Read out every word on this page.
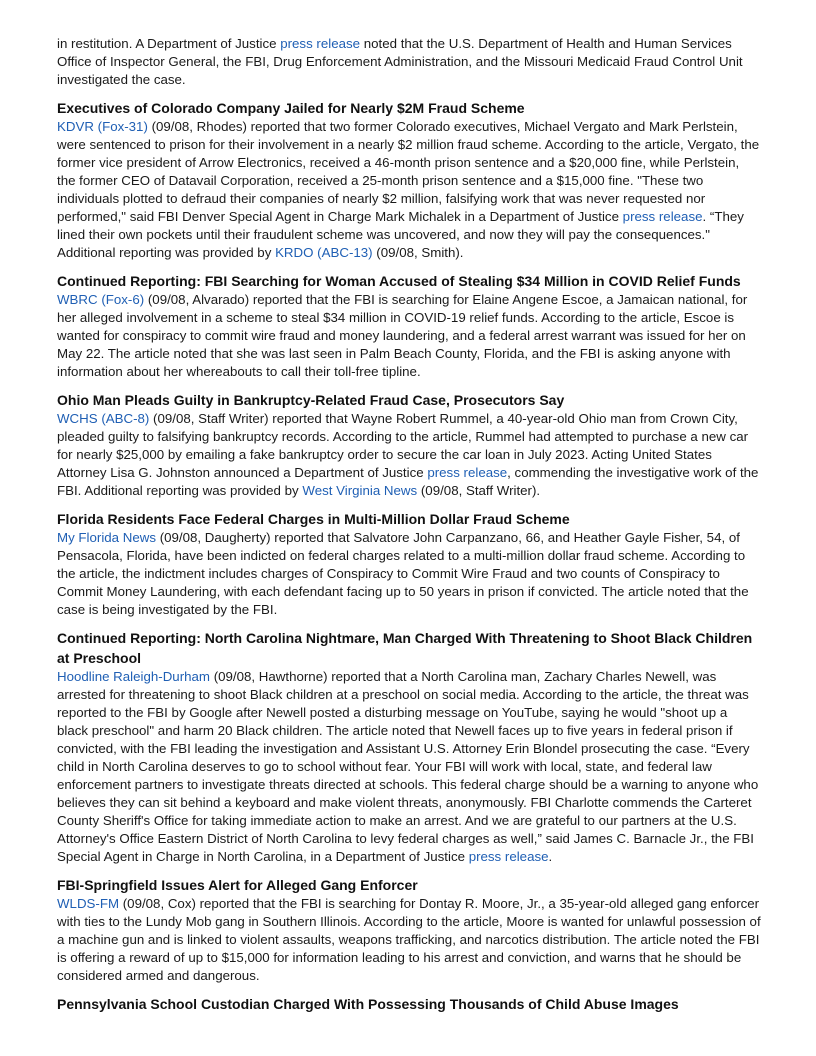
in restitution. A Department of Justice press release noted that the U.S. Department of Health and Human Services Office of Inspector General, the FBI, Drug Enforcement Administration, and the Missouri Medicaid Fraud Control Unit investigated the case.

Executives of Colorado Company Jailed for Nearly $2M Fraud Scheme

KDVR (Fox-31) (09/08, Rhodes) reported that two former Colorado executives, Michael Vergato and Mark Perlstein, were sentenced to prison for their involvement in a nearly $2 million fraud scheme. According to the article, Vergato, the former vice president of Arrow Electronics, received a 46-month prison sentence and a $20,000 fine, while Perlstein, the former CEO of Datavail Corporation, received a 25-month prison sentence and a $15,000 fine. "These two individuals plotted to defraud their companies of nearly $2 million, falsifying work that was never requested nor performed," said FBI Denver Special Agent in Charge Mark Michalek in a Department of Justice press release. “They lined their own pockets until their fraudulent scheme was uncovered, and now they will pay the consequences." Additional reporting was provided by KRDO (ABC-13) (09/08, Smith).

Continued Reporting: FBI Searching for Woman Accused of Stealing $34 Million in COVID Relief Funds

WBRC (Fox-6) (09/08, Alvarado) reported that the FBI is searching for Elaine Angene Escoe, a Jamaican national, for her alleged involvement in a scheme to steal $34 million in COVID-19 relief funds. According to the article, Escoe is wanted for conspiracy to commit wire fraud and money laundering, and a federal arrest warrant was issued for her on May 22. The article noted that she was last seen in Palm Beach County, Florida, and the FBI is asking anyone with information about her whereabouts to call their toll-free tipline.

Ohio Man Pleads Guilty in Bankruptcy-Related Fraud Case, Prosecutors Say

WCHS (ABC-8) (09/08, Staff Writer) reported that Wayne Robert Rummel, a 40-year-old Ohio man from Crown City, pleaded guilty to falsifying bankruptcy records. According to the article, Rummel had attempted to purchase a new car for nearly $25,000 by emailing a fake bankruptcy order to secure the car loan in July 2023. Acting United States Attorney Lisa G. Johnston announced a Department of Justice press release, commending the investigative work of the FBI. Additional reporting was provided by West Virginia News (09/08, Staff Writer).

Florida Residents Face Federal Charges in Multi-Million Dollar Fraud Scheme

My Florida News (09/08, Daugherty) reported that Salvatore John Carpanzano, 66, and Heather Gayle Fisher, 54, of Pensacola, Florida, have been indicted on federal charges related to a multi-million dollar fraud scheme. According to the article, the indictment includes charges of Conspiracy to Commit Wire Fraud and two counts of Conspiracy to Commit Money Laundering, with each defendant facing up to 50 years in prison if convicted. The article noted that the case is being investigated by the FBI.

Continued Reporting: North Carolina Nightmare, Man Charged With Threatening to Shoot Black Children at Preschool

Hoodline Raleigh-Durham (09/08, Hawthorne) reported that a North Carolina man, Zachary Charles Newell, was arrested for threatening to shoot Black children at a preschool on social media. According to the article, the threat was reported to the FBI by Google after Newell posted a disturbing message on YouTube, saying he would "shoot up a black preschool" and harm 20 Black children. The article noted that Newell faces up to five years in federal prison if convicted, with the FBI leading the investigation and Assistant U.S. Attorney Erin Blondel prosecuting the case. “Every child in North Carolina deserves to go to school without fear. Your FBI will work with local, state, and federal law enforcement partners to investigate threats directed at schools. This federal charge should be a warning to anyone who believes they can sit behind a keyboard and make violent threats, anonymously. FBI Charlotte commends the Carteret County Sheriff's Office for taking immediate action to make an arrest. And we are grateful to our partners at the U.S. Attorney's Office Eastern District of North Carolina to levy federal charges as well,” said James C. Barnacle Jr., the FBI Special Agent in Charge in North Carolina, in a Department of Justice press release.

FBI-Springfield Issues Alert for Alleged Gang Enforcer

WLDS-FM (09/08, Cox) reported that the FBI is searching for Dontay R. Moore, Jr., a 35-year-old alleged gang enforcer with ties to the Lundy Mob gang in Southern Illinois. According to the article, Moore is wanted for unlawful possession of a machine gun and is linked to violent assaults, weapons trafficking, and narcotics distribution. The article noted the FBI is offering a reward of up to $15,000 for information leading to his arrest and conviction, and warns that he should be considered armed and dangerous.

Pennsylvania School Custodian Charged With Possessing Thousands of Child Abuse Images
